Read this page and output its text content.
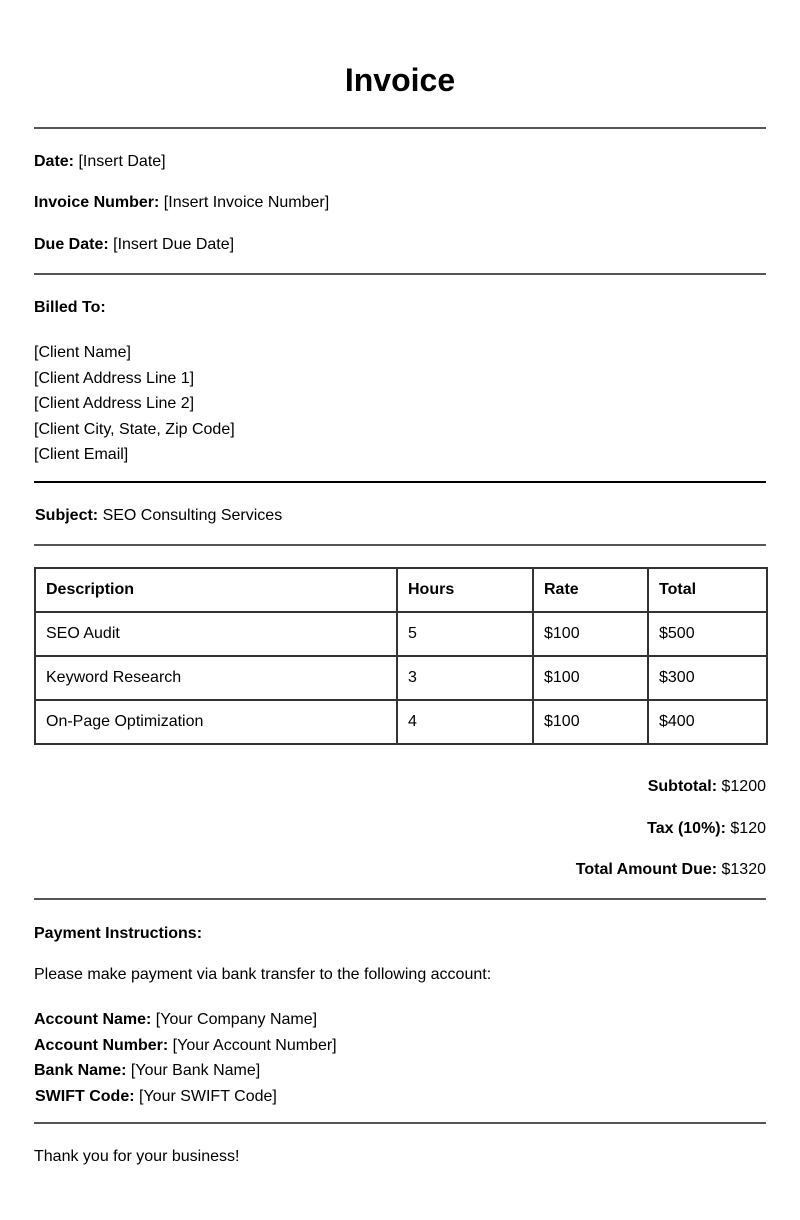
Invoice
Date: [Insert Date]
Invoice Number: [Insert Invoice Number]
Due Date: [Insert Due Date]
Billed To:
[Client Name]
[Client Address Line 1]
[Client Address Line 2]
[Client City, State, Zip Code]
[Client Email]
Subject: SEO Consulting Services
Description	Hours	Rate	Total
SEO Audit	5	$100	$500
Keyword Research	3	$100	$300
On-Page Optimization	4	$100	$400
Subtotal: $1200
Tax (10%): $120
Total Amount Due: $1320
Payment Instructions:
Please make payment via bank transfer to the following account:
Account Name: [Your Company Name]
Account Number: [Your Account Number]
Bank Name: [Your Bank Name]
SWIFT Code: [Your SWIFT Code]
Thank you for your business!
